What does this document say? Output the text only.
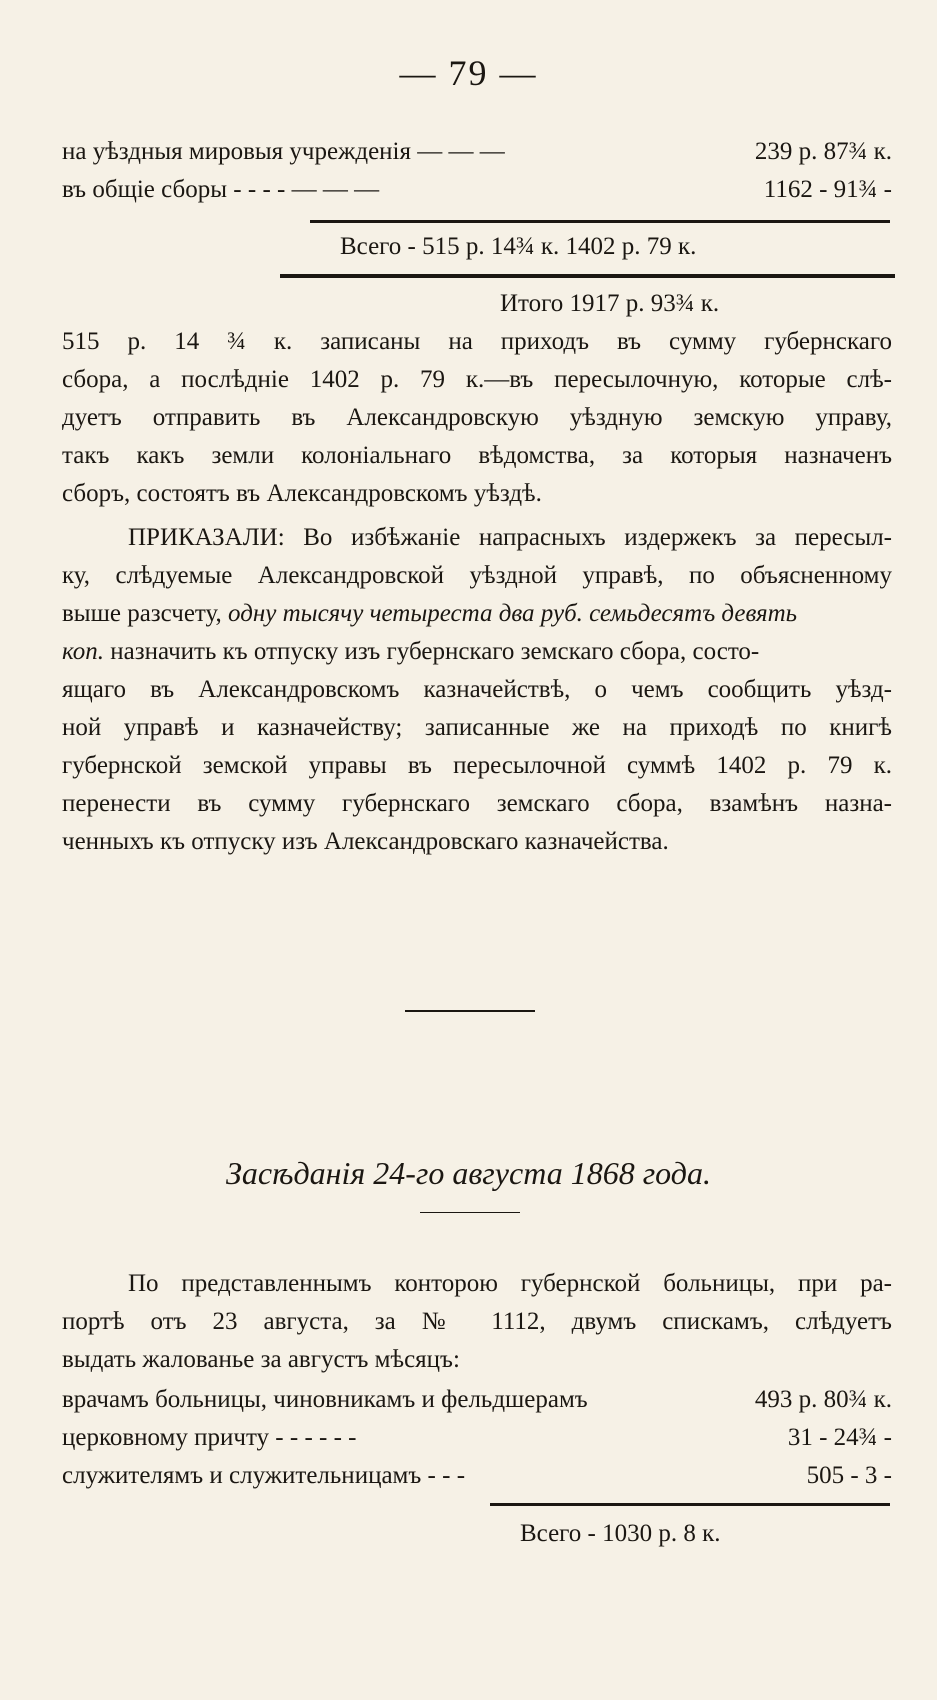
— 79 —
на уѣздныя мировыя учрежденія — — —	239 р. 87¾ к.
въ общіе сборы - - - - — — —	1162 - 91¾ -
Всего - 515 р. 14¾ к. 1402 р. 79 к.
Итого 1917 р. 93¾ к.
515 р. 14 ¾ к. записаны на приходъ въ сумму губернскаго
сбора, а послѣдніе 1402 р. 79 к.—въ пересылочную, которые слѣ-
дуетъ отправить въ Александровскую уѣздную земскую управу,
такъ какъ земли колоніальнаго вѣдомства, за которыя назначенъ
сборъ, состоятъ въ Александровскомъ уѣздѣ.
ПРИКАЗАЛИ: Во избѣжаніе напрасныхъ издержекъ за пересыл-
ку, слѣдуемые Александровской уѣздной управѣ, по объясненному
выше разсчету, одну тысячу четыреста два руб. семьдесятъ девять
коп. назначить къ отпуску изъ губернскаго земскаго сбора, состо-
ящаго въ Александровскомъ казначействѣ, о чемъ сообщить уѣзд-
ной управѣ и казначейству; записанные же на приходѣ по книгѣ
губернской земской управы въ пересылочной суммѣ 1402 р. 79 к.
перенести въ сумму губернскаго земскаго сбора, взамѣнъ назна-
ченныхъ къ отпуску изъ Александровскаго казначейства.
Засѣданія 24-го августа 1868 года.
По представленнымъ конторою губернской больницы, при ра-
портѣ отъ 23 августа, за № 1112, двумъ спискамъ, слѣдуетъ
выдать жалованье за августъ мѣсяцъ:
врачамъ больницы, чиновникамъ и фельдшерамъ	493 р. 80¾ к.
церковному причту - - - - - -	31 - 24¾ -
служителямъ и служительницамъ - - -	505 - 3 -
Всего - 1030 р. 8 к.
